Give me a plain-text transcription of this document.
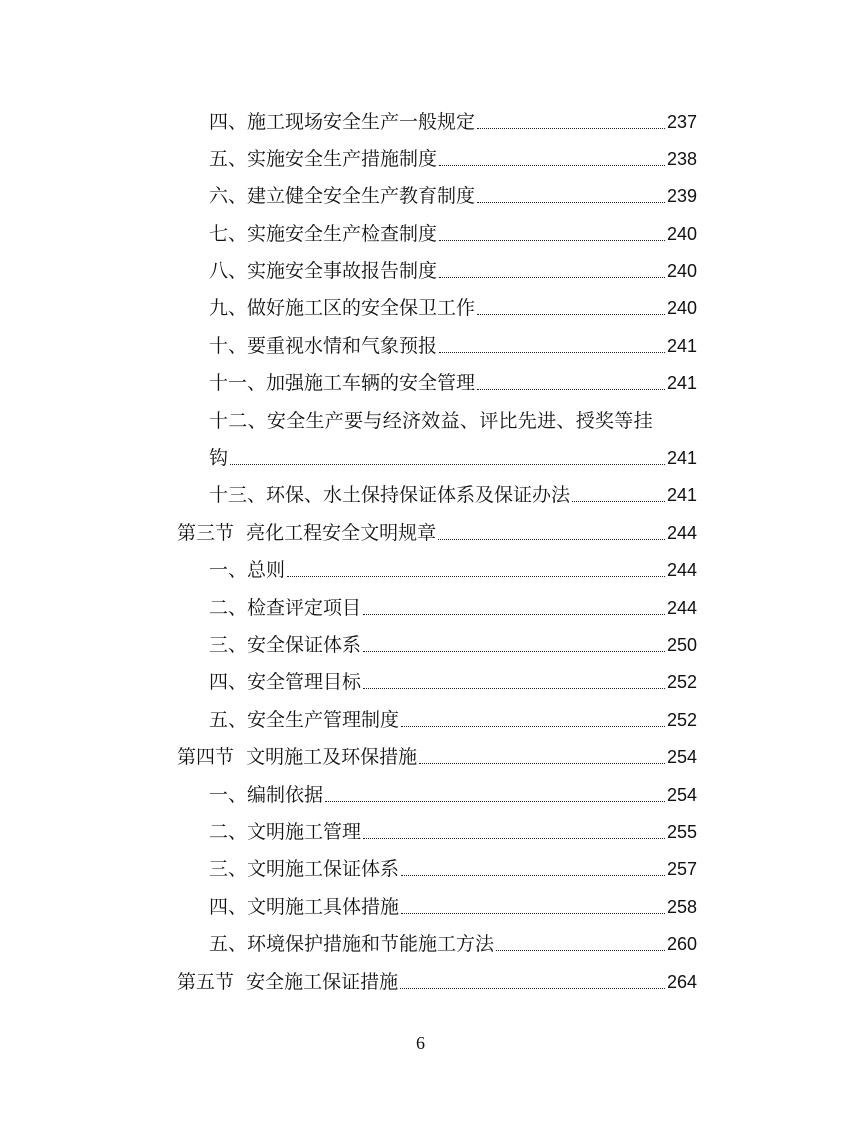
四、施工现场安全生产一般规定	237
五、实施安全生产措施制度	238
六、建立健全安全生产教育制度	239
七、实施安全生产检查制度	240
八、实施安全事故报告制度	240
九、做好施工区的安全保卫工作	240
十、要重视水情和气象预报	241
十一、加强施工车辆的安全管理	241
十二、安全生产要与经济效益、评比先进、授奖等挂
钩	241
十三、环保、水土保持保证体系及保证办法	241
第三节  亮化工程安全文明规章	244
一、总则	244
二、检查评定项目	244
三、安全保证体系	250
四、安全管理目标	252
五、安全生产管理制度	252
第四节  文明施工及环保措施	254
一、编制依据	254
二、文明施工管理	255
三、文明施工保证体系	257
四、文明施工具体措施	258
五、环境保护措施和节能施工方法	260
第五节  安全施工保证措施	264
6
